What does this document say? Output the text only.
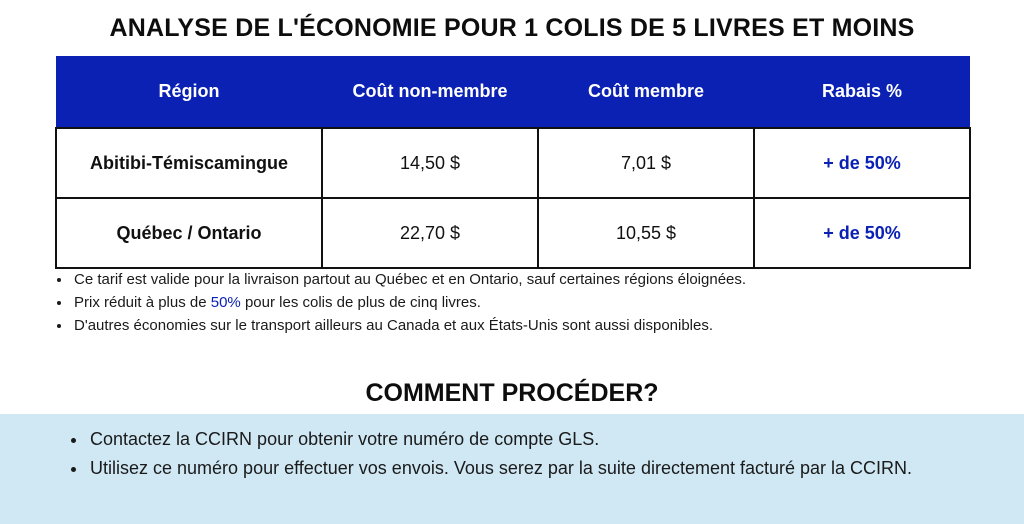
ANALYSE DE L'ÉCONOMIE POUR 1 COLIS DE 5 LIVRES ET MOINS
Région	Coût non-membre	Coût membre	Rabais %
Abitibi-Témiscamingue	14,50 $	7,01 $	+ de 50%
Québec / Ontario	22,70 $	10,55 $	+ de 50%
• Ce tarif est valide pour la livraison partout au Québec et en Ontario, sauf certaines régions éloignées.
• Prix réduit à plus de 50% pour les colis de plus de cinq livres.
• D'autres économies sur le transport ailleurs au Canada et aux États-Unis sont aussi disponibles.
COMMENT PROCÉDER?
• Contactez la CCIRN pour obtenir votre numéro de compte GLS.
• Utilisez ce numéro pour effectuer vos envois. Vous serez par la suite directement facturé par la CCIRN.
